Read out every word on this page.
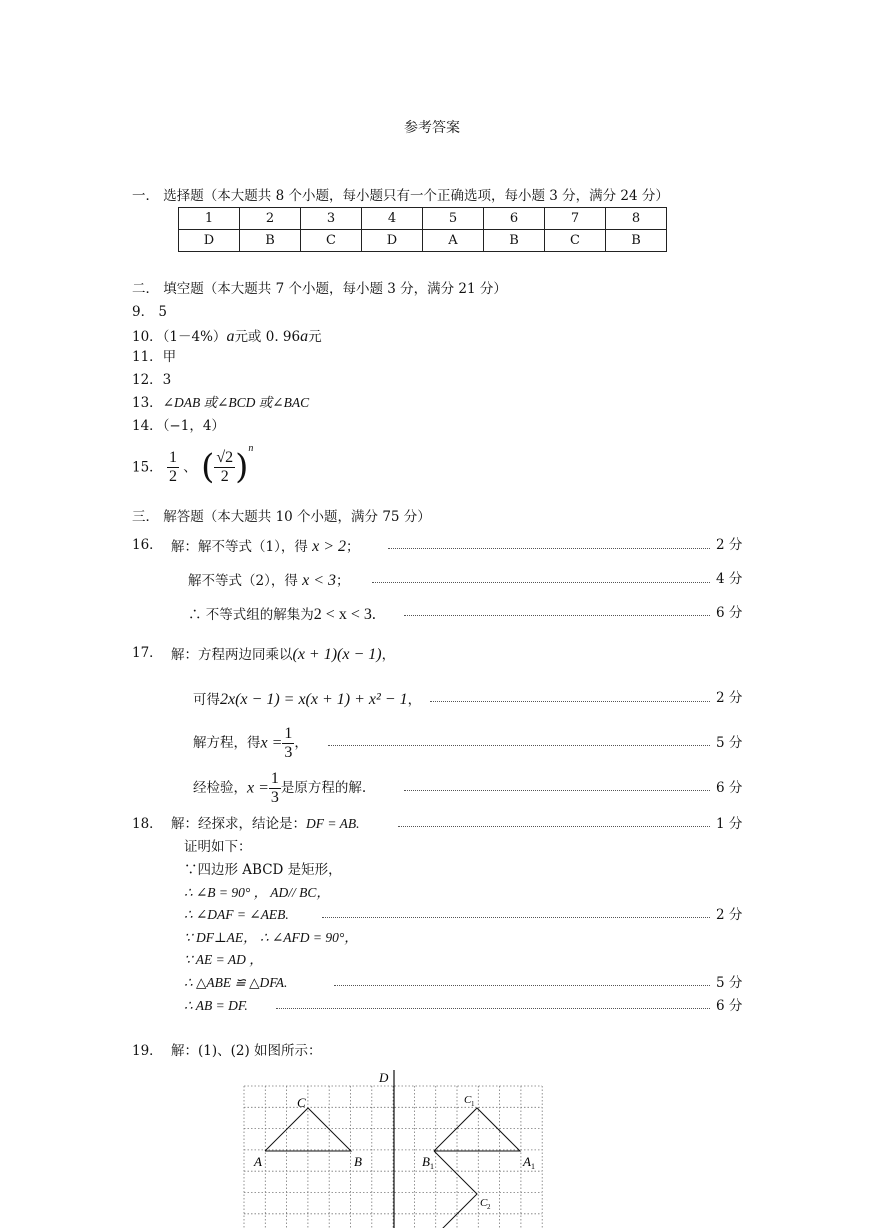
参考答案
一． 选择题（本大题共 8 个小题，每小题只有一个正确选项，每小题 3 分，满分 24 分）
1	2	3	4	5	6	7	8
D	B	C	D	A	B	C	B
二． 填空题（本大题共 7 个小题，每小题 3 分，满分 21 分）
9． 5
10．（1－4%）a元或 0. 96a元
11．甲
12．3
13．∠DAB 或∠BCD 或∠BAC
14．（−1，4）
15． $\frac{1}{2}$ 、 ( $\frac{√2}{2} )^n$
三． 解答题（本大题共 10 个小题，满分 75 分）
16． 解：解不等式（1），得 x > 2；	2 分
解不等式（2），得 x < 3；	4 分
∴ 不等式组的解集为2 < x < 3.	6 分
17． 解：方程两边同乘以(x + 1)(x − 1)，
可得2x(x − 1) = x(x + 1) + x² − 1，	2 分
解方程，得$x = \frac{1}{3}$ ，	5 分
经检验，$x = \frac{1}{3}$ 是原方程的解.	6 分
18． 解：经探求，结论是：DF = AB.	1 分
证明如下：
∵四边形 ABCD 是矩形，
∴ ∠B = 90° ， AD// BC，
∴ ∠DAF = ∠AEB.	2 分
∵ DF⊥AE， ∴ ∠AFD = 90°，
∵ AE = AD ，
∴ △ABE ≌ △DFA.	5 分
∴ AB = DF.	6 分
19． 解：(1)、(2) 如图所示：
D
A	B
C
B 1	A 1
C 1
C 2
